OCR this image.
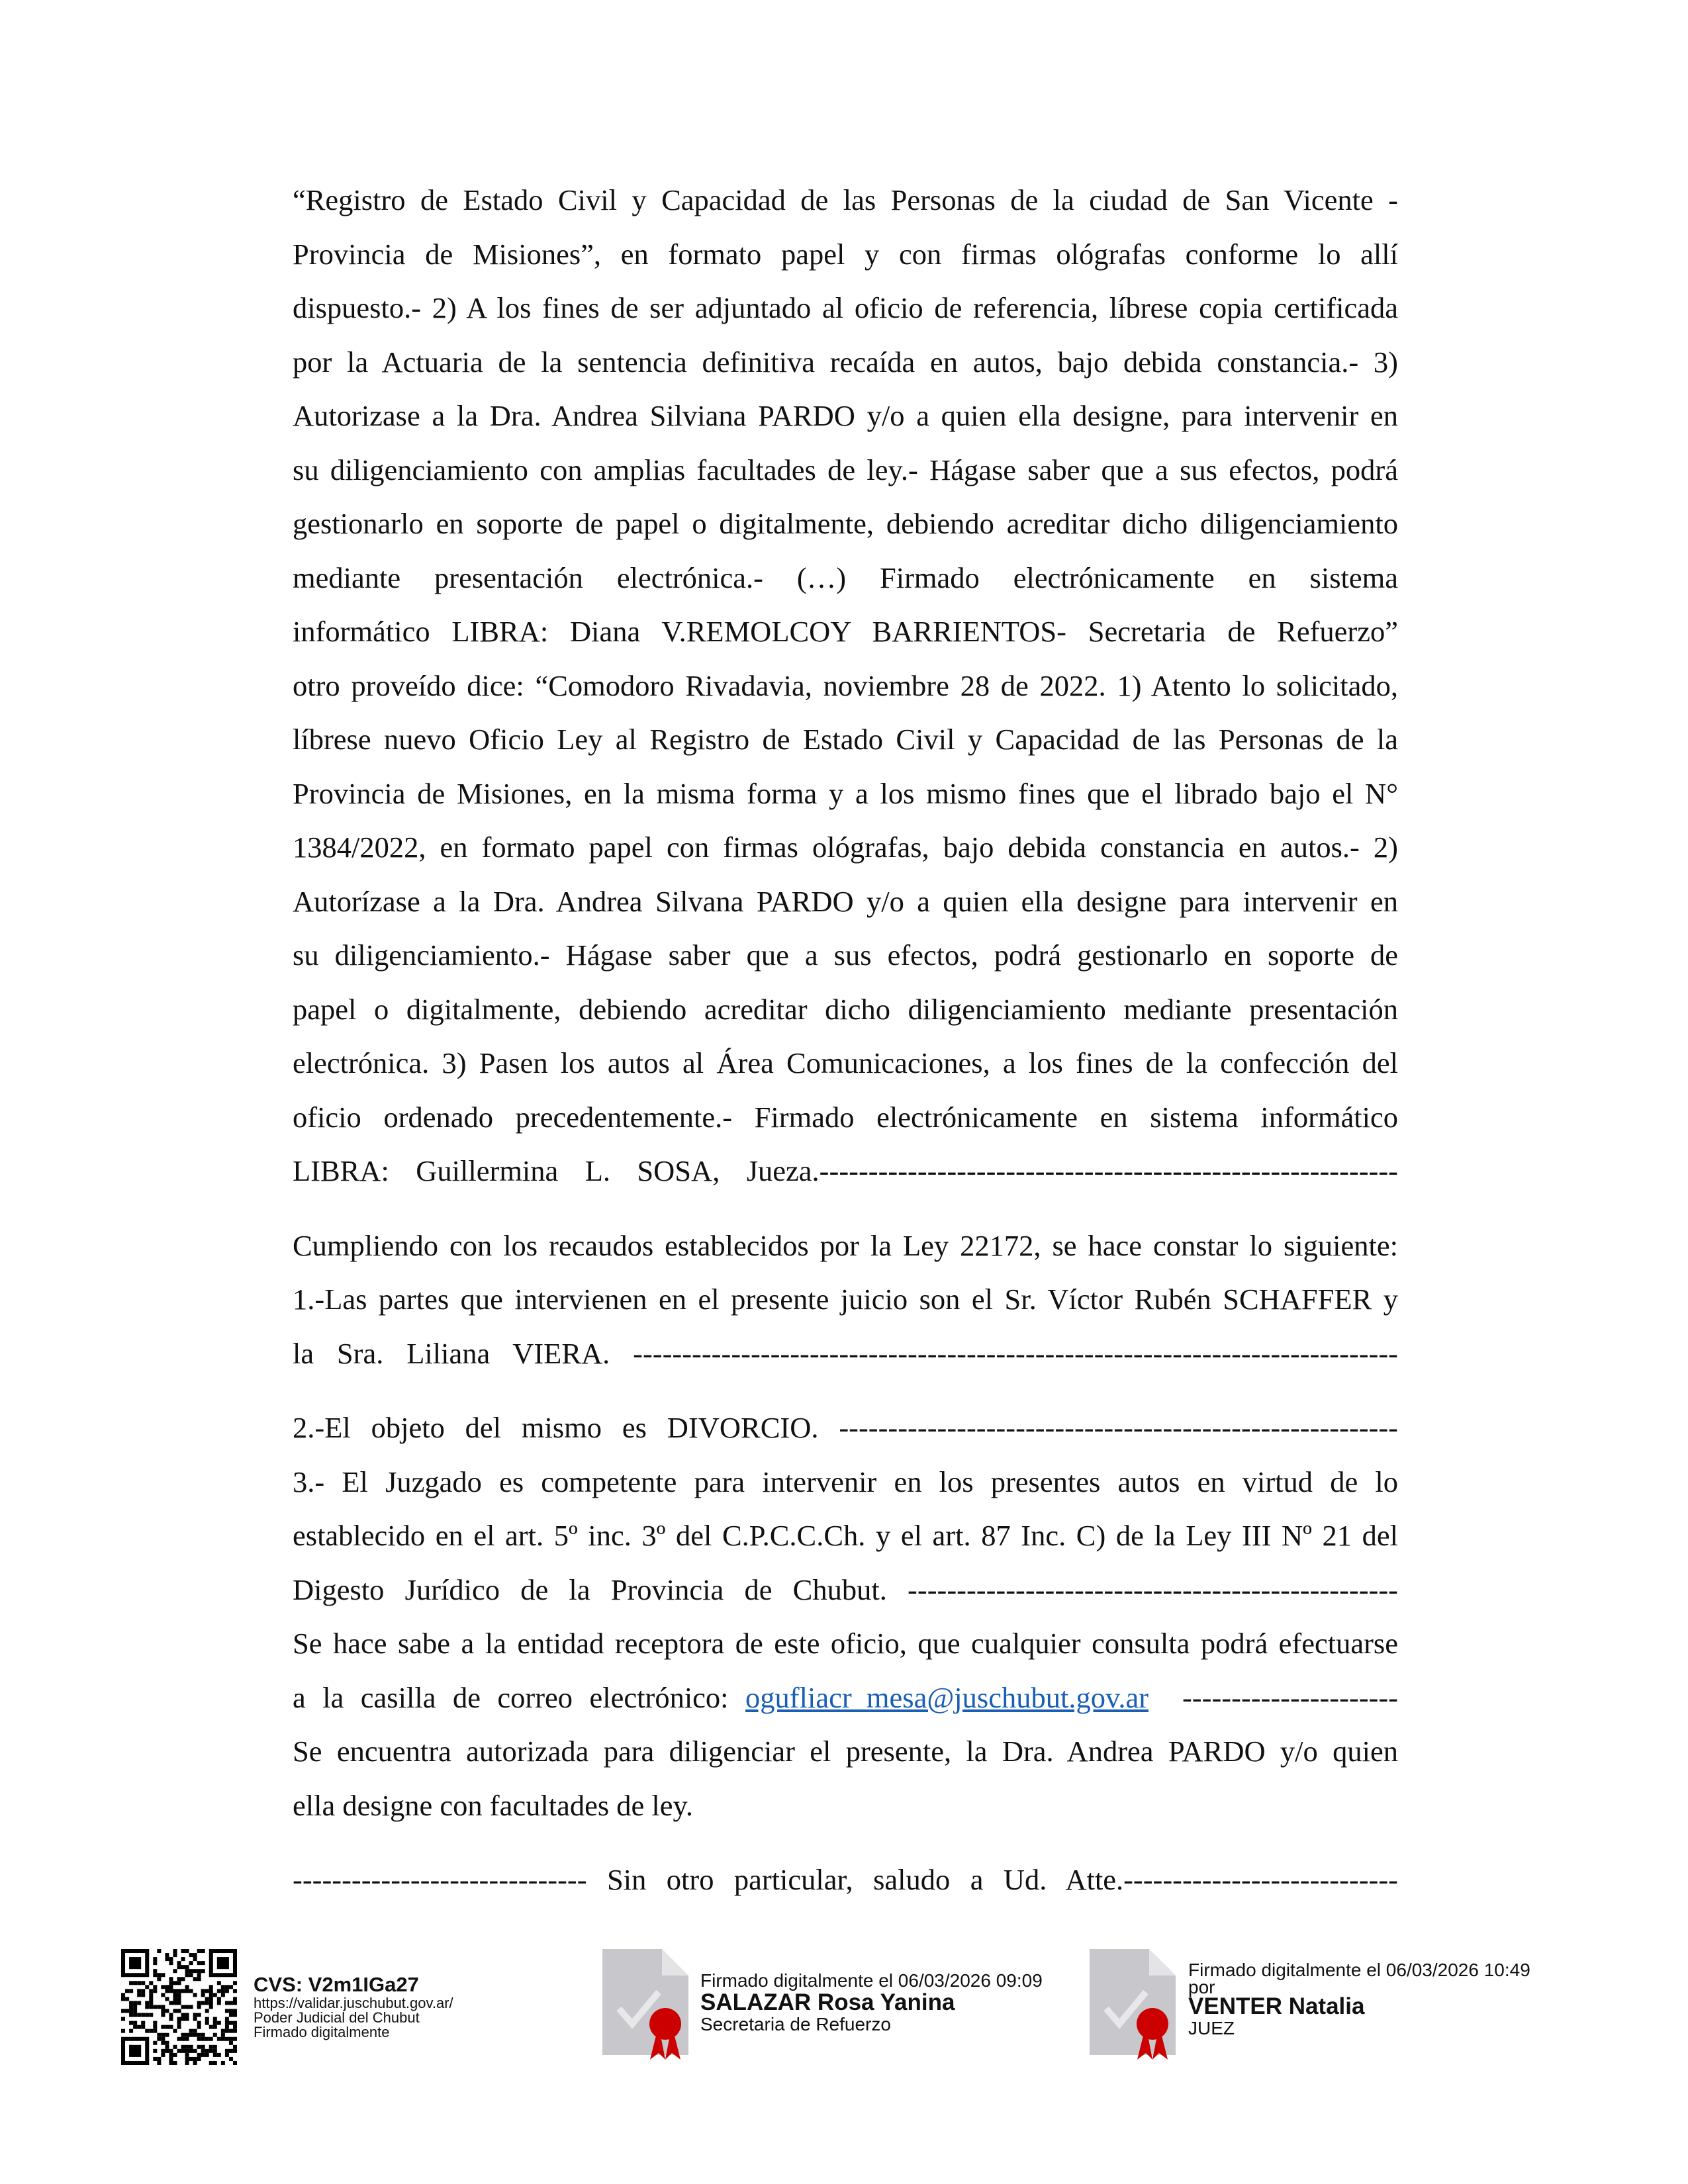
“Registro de Estado Civil y Capacidad de las Personas de la ciudad de San Vicente -
Provincia de Misiones”, en formato papel y con firmas ológrafas conforme lo allí
dispuesto.- 2) A los fines de ser adjuntado al oficio de referencia, líbrese copia certificada
por la Actuaria de la sentencia definitiva recaída en autos, bajo debida constancia.- 3)
Autorizase a la Dra. Andrea Silviana PARDO y/o a quien ella designe, para intervenir en
su diligenciamiento con amplias facultades de ley.- Hágase saber que a sus efectos, podrá
gestionarlo en soporte de papel o digitalmente, debiendo acreditar dicho diligenciamiento
mediante presentación electrónica.- (…) Firmado electrónicamente en sistema
informático LIBRA: Diana V.REMOLCOY BARRIENTOS- Secretaria de Refuerzo”
otro proveído dice: “Comodoro Rivadavia, noviembre 28 de 2022. 1) Atento lo solicitado,
líbrese nuevo Oficio Ley al Registro de Estado Civil y Capacidad de las Personas de la
Provincia de Misiones, en la misma forma y a los mismo fines que el librado bajo el N°
1384/2022, en formato papel con firmas ológrafas, bajo debida constancia en autos.- 2)
Autorízase a la Dra. Andrea Silvana PARDO y/o a quien ella designe para intervenir en
su diligenciamiento.- Hágase saber que a sus efectos, podrá gestionarlo en soporte de
papel o digitalmente, debiendo acreditar dicho diligenciamiento mediante presentación
electrónica. 3) Pasen los autos al Área Comunicaciones, a los fines de la confección del
oficio ordenado precedentemente.- Firmado electrónicamente en sistema informático
LIBRA: Guillermina L. SOSA, Jueza.-----------------------------------------------------------
Cumpliendo con los recaudos establecidos por la Ley 22172, se hace constar lo siguiente:
1.-Las partes que intervienen en el presente juicio son el Sr. Víctor Rubén SCHAFFER y
la Sra. Liliana VIERA. ------------------------------------------------------------------------------
2.-El objeto del mismo es DIVORCIO. ---------------------------------------------------------
3.- El Juzgado es competente para intervenir en los presentes autos en virtud de lo
establecido en el art. 5º inc. 3º del C.P.C.C.Ch. y el art. 87 Inc. C) de la Ley III Nº 21 del
Digesto Jurídico de la Provincia de Chubut. --------------------------------------------------
Se hace sabe a la entidad receptora de este oficio, que cualquier consulta podrá efectuarse
a la casilla de correo electrónico: ogufliacr_mesa@juschubut.gov.ar  ----------------------
Se encuentra autorizada para diligenciar el presente, la Dra. Andrea PARDO y/o quien
ella designe con facultades de ley.
------------------------------ Sin otro particular, saludo a Ud. Atte.----------------------------
CVS: V2m1IGa27
https://validar.juschubut.gov.ar/
Poder Judicial del Chubut
Firmado digitalmente
Firmado digitalmente el 06/03/2026 09:09
SALAZAR Rosa Yanina
Secretaria de Refuerzo
Firmado digitalmente el 06/03/2026 10:49
por
VENTER Natalia
JUEZ
